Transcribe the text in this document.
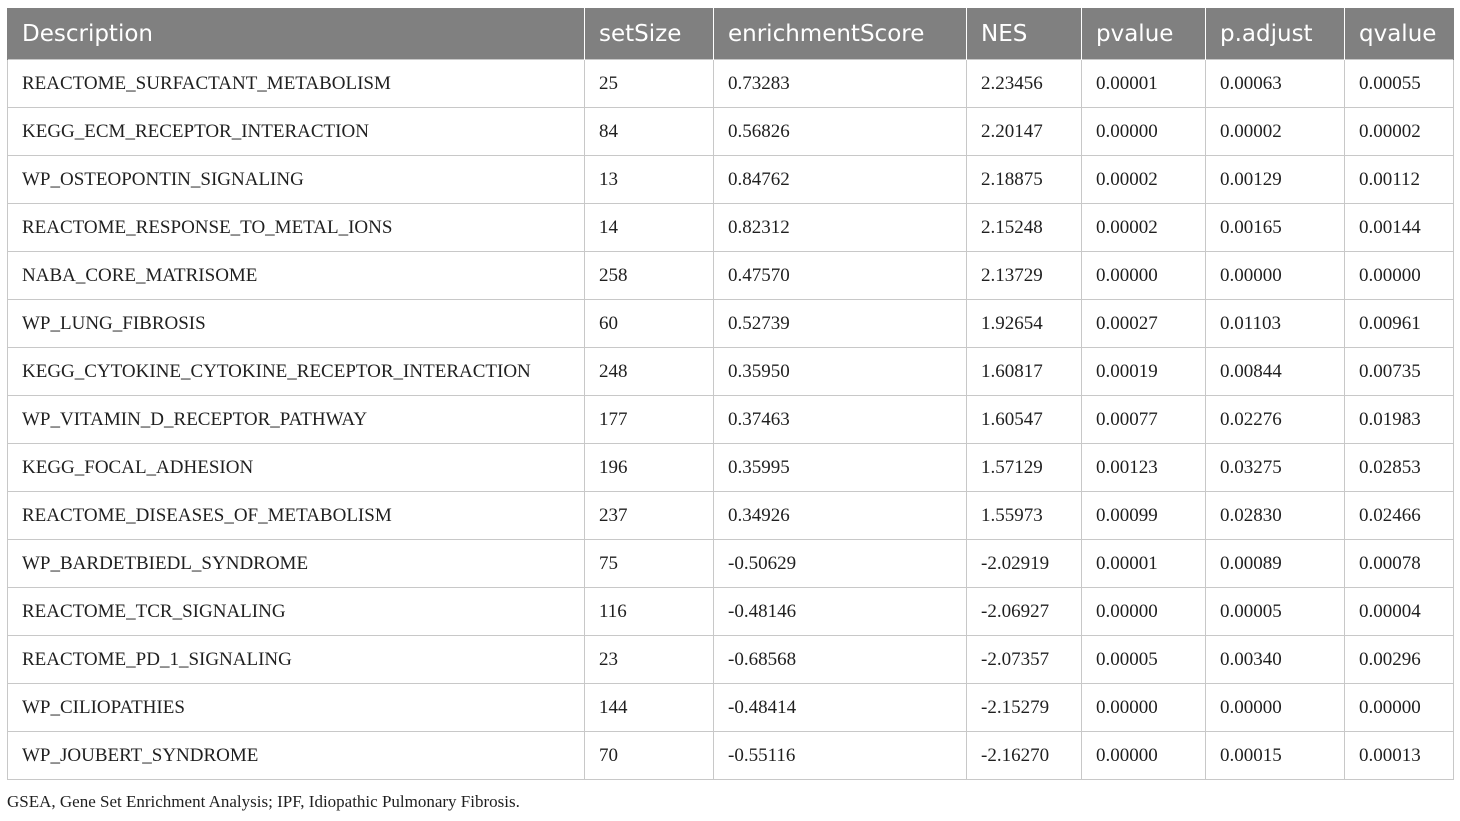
Description	setSize	enrichmentScore	NES	pvalue	p.adjust	qvalue
REACTOME_SURFACTANT_METABOLISM	25	0.73283	2.23456	0.00001	0.00063	0.00055
KEGG_ECM_RECEPTOR_INTERACTION	84	0.56826	2.20147	0.00000	0.00002	0.00002
WP_OSTEOPONTIN_SIGNALING	13	0.84762	2.18875	0.00002	0.00129	0.00112
REACTOME_RESPONSE_TO_METAL_IONS	14	0.82312	2.15248	0.00002	0.00165	0.00144
NABA_CORE_MATRISOME	258	0.47570	2.13729	0.00000	0.00000	0.00000
WP_LUNG_FIBROSIS	60	0.52739	1.92654	0.00027	0.01103	0.00961
KEGG_CYTOKINE_CYTOKINE_RECEPTOR_INTERACTION	248	0.35950	1.60817	0.00019	0.00844	0.00735
WP_VITAMIN_D_RECEPTOR_PATHWAY	177	0.37463	1.60547	0.00077	0.02276	0.01983
KEGG_FOCAL_ADHESION	196	0.35995	1.57129	0.00123	0.03275	0.02853
REACTOME_DISEASES_OF_METABOLISM	237	0.34926	1.55973	0.00099	0.02830	0.02466
WP_BARDETBIEDL_SYNDROME	75	-0.50629	-2.02919	0.00001	0.00089	0.00078
REACTOME_TCR_SIGNALING	116	-0.48146	-2.06927	0.00000	0.00005	0.00004
REACTOME_PD_1_SIGNALING	23	-0.68568	-2.07357	0.00005	0.00340	0.00296
WP_CILIOPATHIES	144	-0.48414	-2.15279	0.00000	0.00000	0.00000
WP_JOUBERT_SYNDROME	70	-0.55116	-2.16270	0.00000	0.00015	0.00013
GSEA, Gene Set Enrichment Analysis; IPF, Idiopathic Pulmonary Fibrosis.
